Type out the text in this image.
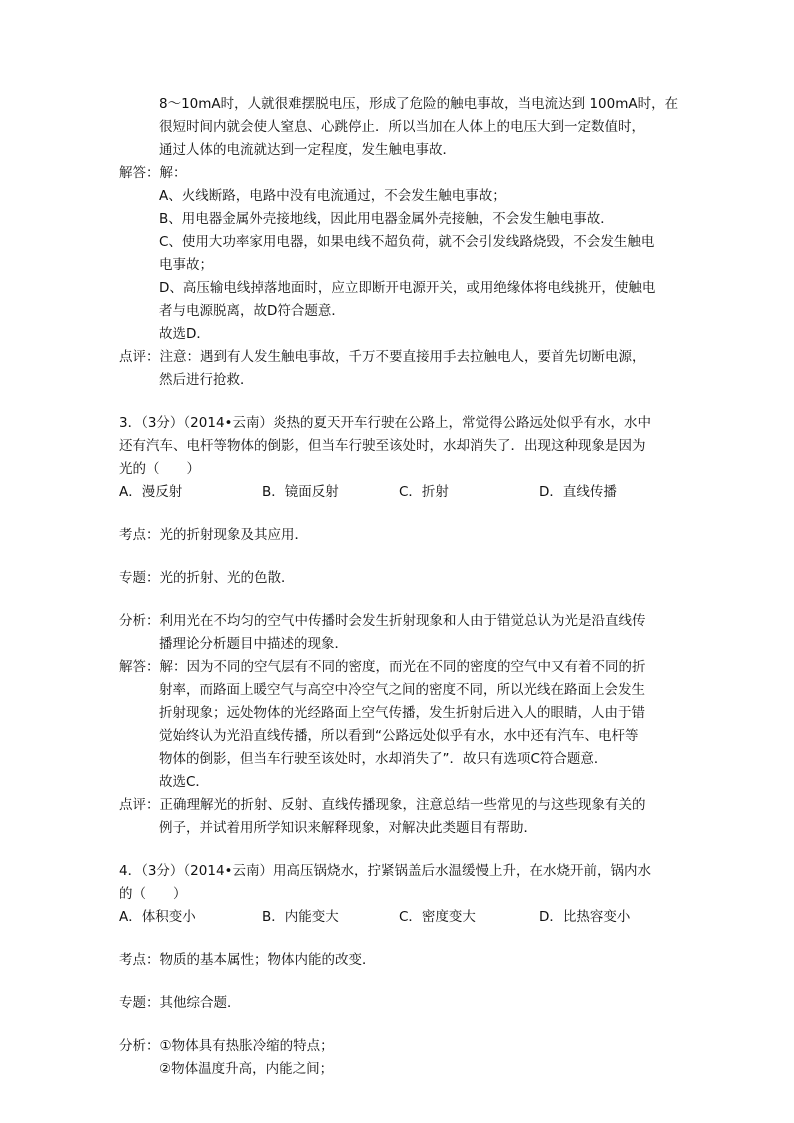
8～10mA时，人就很难摆脱电压，形成了危险的触电事故，当电流达到 100mA时，在

很短时间内就会使人窒息、心跳停止．所以当加在人体上的电压大到一定数值时，

通过人体的电流就达到一定程度，发生触电事故．

解答：解：

A、火线断路，电路中没有电流通过，不会发生触电事故；

B、用电器金属外壳接地线，因此用电器金属外壳接触，不会发生触电事故．

C、使用大功率家用电器，如果电线不超负荷，就不会引发线路烧毁，不会发生触电

电事故；

D、高压输电线掉落地面时，应立即断开电源开关，或用绝缘体将电线挑开，使触电

者与电源脱离，故D符合题意．

故选D．

点评：注意：遇到有人发生触电事故，千万不要直接用手去拉触电人，要首先切断电源，

然后进行抢救．

3．（3分）（2014•云南）炎热的夏天开车行驶在公路上，常觉得公路远处似乎有水，水中

还有汽车、电杆等物体的倒影，但当车行驶至该处时，水却消失了．出现这种现象是因为

光的（　　）

A．漫反射	B．镜面反射	C．折射	D．直线传播

考点：光的折射现象及其应用．

专题：光的折射、光的色散．

分析：利用光在不均匀的空气中传播时会发生折射现象和人由于错觉总认为光是沿直线传

播理论分析题目中描述的现象．

解答：解：因为不同的空气层有不同的密度，而光在不同的密度的空气中又有着不同的折

射率，而路面上暖空气与高空中冷空气之间的密度不同，所以光线在路面上会发生

折射现象；远处物体的光经路面上空气传播，发生折射后进入人的眼睛，人由于错

觉始终认为光沿直线传播，所以看到“公路远处似乎有水，水中还有汽车、电杆等

物体的倒影，但当车行驶至该处时，水却消失了”．故只有选项C符合题意．

故选C．

点评：正确理解光的折射、反射、直线传播现象，注意总结一些常见的与这些现象有关的

例子，并试着用所学知识来解释现象，对解决此类题目有帮助．

4．（3分）（2014•云南）用高压锅烧水，拧紧锅盖后水温缓慢上升，在水烧开前，锅内水

的（　　）

A．体积变小	B．内能变大	C．密度变大	D．比热容变小

考点：物质的基本属性；物体内能的改变．

专题：其他综合题．

分析：①物体具有热胀冷缩的特点；

②物体温度升高，内能之间；
